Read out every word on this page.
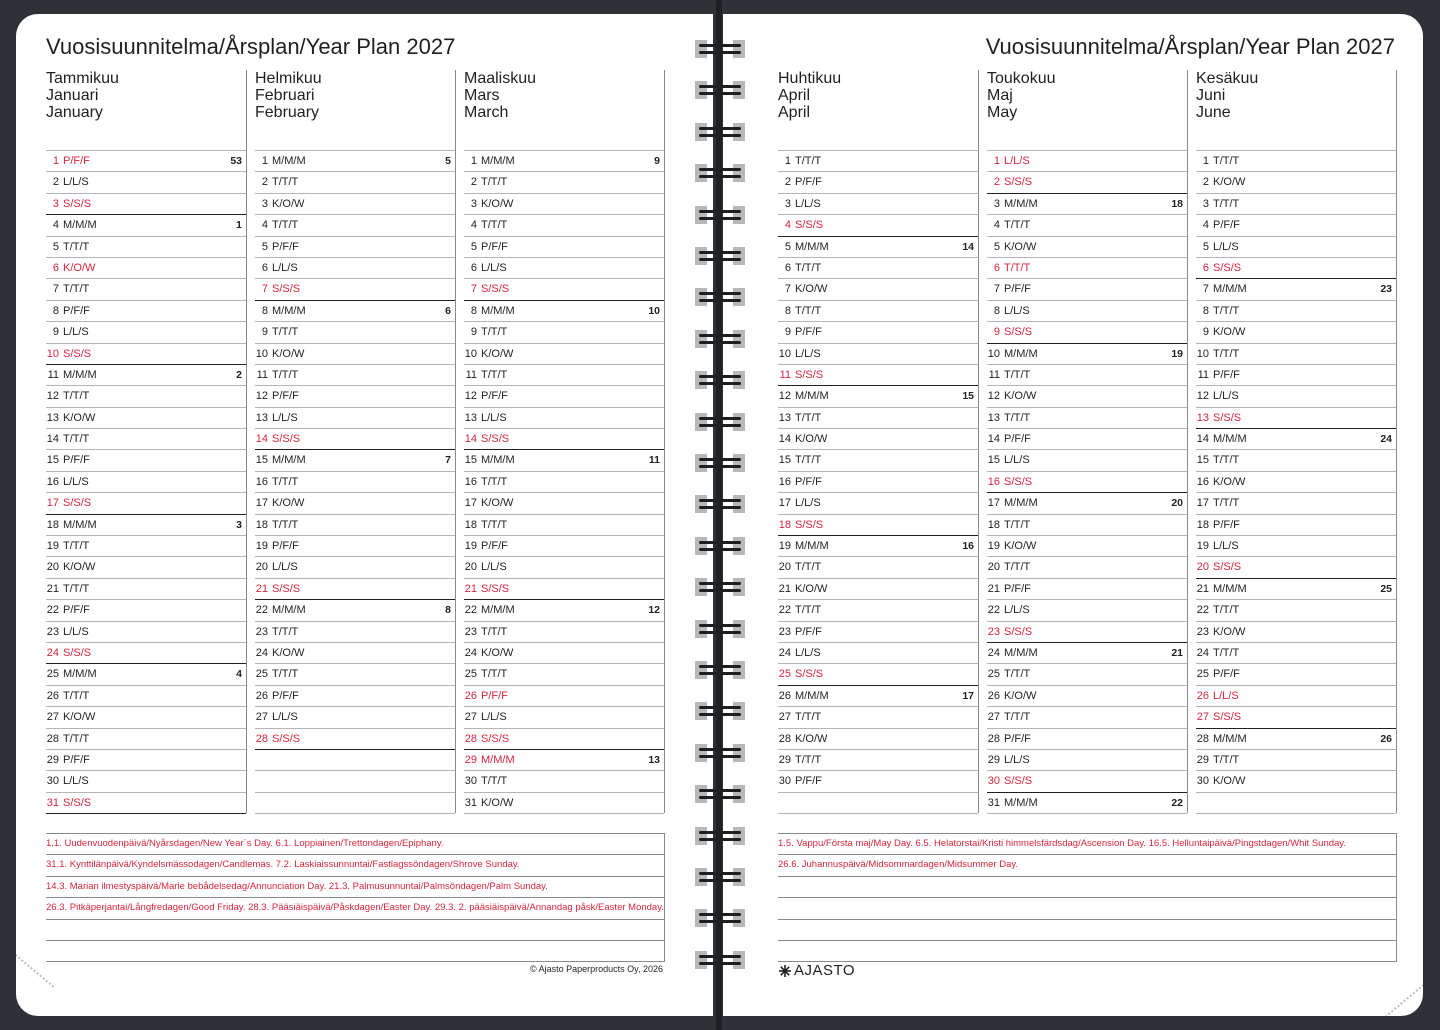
Vuosisuunnitelma/Årsplan/Year Plan 2027
1.1. Uudenvuodenpäivä/Nyårsdagen/New Year´s Day. 6.1. Loppiainen/Trettondagen/Epiphany.
31.1. Kynttilänpäivä/Kyndelsmässodagen/Candlemas. 7.2. Laskiaissunnuntai/Fastlagssöndagen/Shrove Sunday.
14.3. Marian ilmestyspäivä/Marie bebådelsedag/Annunciation Day. 21.3. Palmusunnuntai/Palmsöndagen/Palm Sunday.
26.3. Pitkäperjantai/Långfredagen/Good Friday. 28.3. Pääsiäispäivä/Påskdagen/Easter Day. 29.3. 2. pääsiäispäivä/Annandag påsk/Easter Monday.
© Ajasto Paperproducts Oy, 2026
Tammikuu
Januari
January
1 P/F/F	53
2 L/L/S
3 S/S/S
4 M/M/M	1
5 T/T/T
6 K/O/W
7 T/T/T
8 P/F/F
9 L/L/S
10 S/S/S
11 M/M/M	2
12 T/T/T
13 K/O/W
14 T/T/T
15 P/F/F
16 L/L/S
17 S/S/S
18 M/M/M	3
19 T/T/T
20 K/O/W
21 T/T/T
22 P/F/F
23 L/L/S
24 S/S/S
25 M/M/M	4
26 T/T/T
27 K/O/W
28 T/T/T
29 P/F/F
30 L/L/S
31 S/S/S
Helmikuu
Februari
February
1 M/M/M	5
2 T/T/T
3 K/O/W
4 T/T/T
5 P/F/F
6 L/L/S
7 S/S/S
8 M/M/M	6
9 T/T/T
10 K/O/W
11 T/T/T
12 P/F/F
13 L/L/S
14 S/S/S
15 M/M/M	7
16 T/T/T
17 K/O/W
18 T/T/T
19 P/F/F
20 L/L/S
21 S/S/S
22 M/M/M	8
23 T/T/T
24 K/O/W
25 T/T/T
26 P/F/F
27 L/L/S
28 S/S/S
Maaliskuu
Mars
March
1 M/M/M	9
2 T/T/T
3 K/O/W
4 T/T/T
5 P/F/F
6 L/L/S
7 S/S/S
8 M/M/M	10
9 T/T/T
10 K/O/W
11 T/T/T
12 P/F/F
13 L/L/S
14 S/S/S
15 M/M/M	11
16 T/T/T
17 K/O/W
18 T/T/T
19 P/F/F
20 L/L/S
21 S/S/S
22 M/M/M	12
23 T/T/T
24 K/O/W
25 T/T/T
26 P/F/F
27 L/L/S
28 S/S/S
29 M/M/M	13
30 T/T/T
31 K/O/W
Vuosisuunnitelma/Årsplan/Year Plan 2027
1.5. Vappu/Första maj/May Day. 6.5. Helatorstai/Kristi himmelsfärdsdag/Ascension Day. 16.5. Helluntaipäivä/Pingstdagen/Whit Sunday.
26.6. Juhannuspäivä/Midsommardagen/Midsummer Day.
AJASTO
Huhtikuu
April
April
1 T/T/T
2 P/F/F
3 L/L/S
4 S/S/S
5 M/M/M	14
6 T/T/T
7 K/O/W
8 T/T/T
9 P/F/F
10 L/L/S
11 S/S/S
12 M/M/M	15
13 T/T/T
14 K/O/W
15 T/T/T
16 P/F/F
17 L/L/S
18 S/S/S
19 M/M/M	16
20 T/T/T
21 K/O/W
22 T/T/T
23 P/F/F
24 L/L/S
25 S/S/S
26 M/M/M	17
27 T/T/T
28 K/O/W
29 T/T/T
30 P/F/F
Toukokuu
Maj
May
1 L/L/S
2 S/S/S
3 M/M/M	18
4 T/T/T
5 K/O/W
6 T/T/T
7 P/F/F
8 L/L/S
9 S/S/S
10 M/M/M	19
11 T/T/T
12 K/O/W
13 T/T/T
14 P/F/F
15 L/L/S
16 S/S/S
17 M/M/M	20
18 T/T/T
19 K/O/W
20 T/T/T
21 P/F/F
22 L/L/S
23 S/S/S
24 M/M/M	21
25 T/T/T
26 K/O/W
27 T/T/T
28 P/F/F
29 L/L/S
30 S/S/S
31 M/M/M	22
Kesäkuu
Juni
June
1 T/T/T
2 K/O/W
3 T/T/T
4 P/F/F
5 L/L/S
6 S/S/S
7 M/M/M	23
8 T/T/T
9 K/O/W
10 T/T/T
11 P/F/F
12 L/L/S
13 S/S/S
14 M/M/M	24
15 T/T/T
16 K/O/W
17 T/T/T
18 P/F/F
19 L/L/S
20 S/S/S
21 M/M/M	25
22 T/T/T
23 K/O/W
24 T/T/T
25 P/F/F
26 L/L/S
27 S/S/S
28 M/M/M	26
29 T/T/T
30 K/O/W
